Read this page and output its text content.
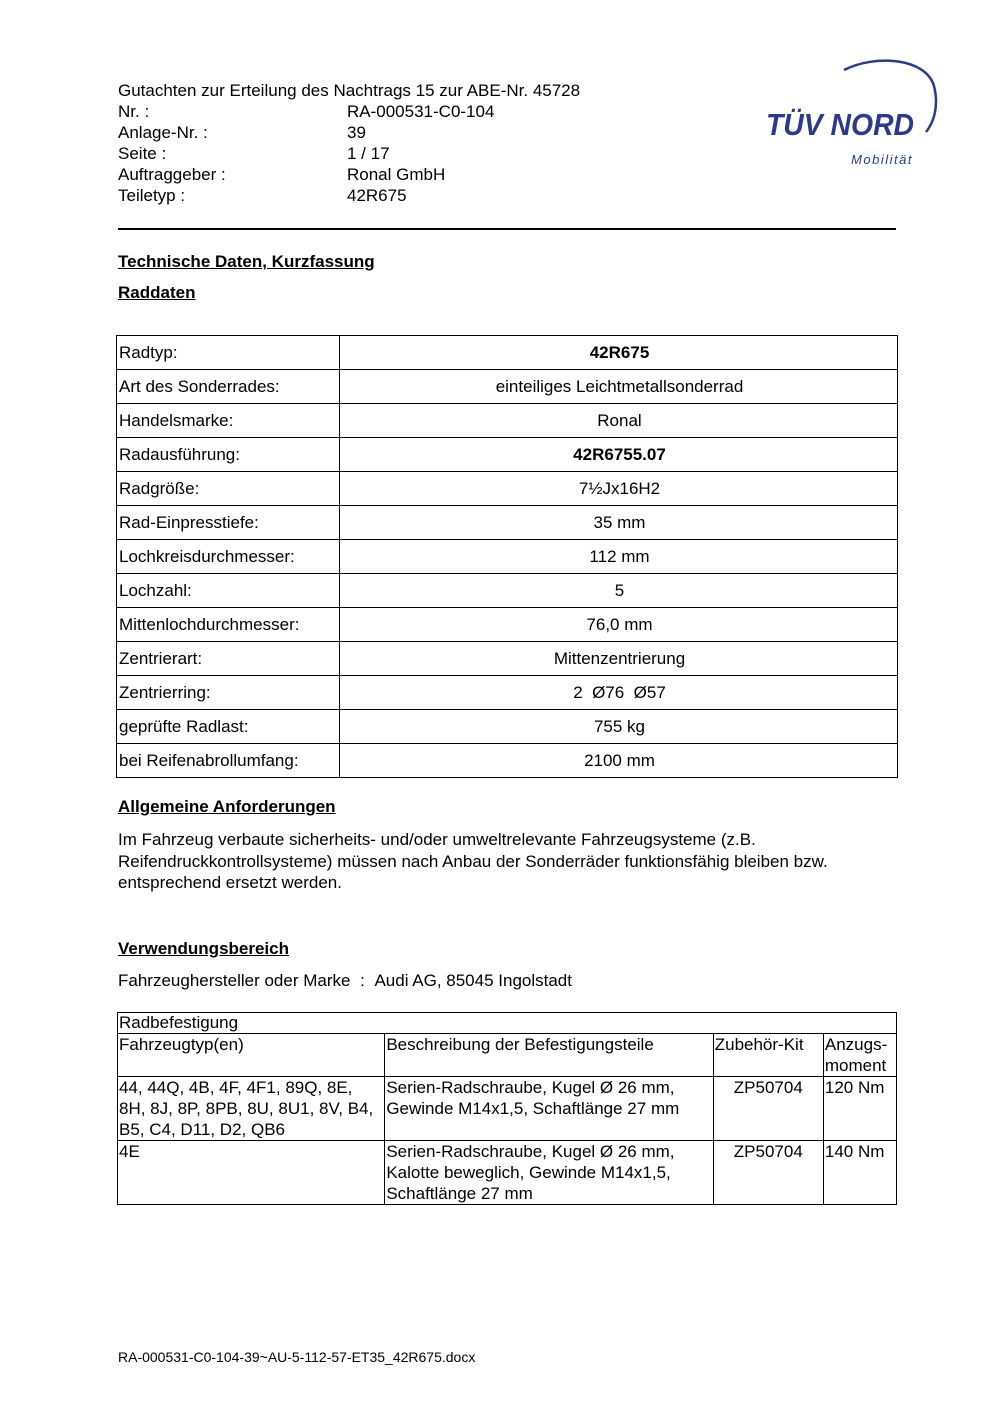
Gutachten zur Erteilung des Nachtrags 15 zur ABE-Nr. 45728
Nr. :	RA-000531-C0-104
Anlage-Nr. :	39
Seite :	1 / 17
Auftraggeber :	Ronal GmbH
Teiletyp :	42R675
TÜV NORD
Mobilität
Technische Daten, Kurzfassung
Raddaten
Radtyp:	42R675
Art des Sonderrades:	einteiliges Leichtmetallsonderrad
Handelsmarke:	Ronal
Radausführung:	42R6755.07
Radgröße:	7½Jx16H2
Rad-Einpresstiefe:	35 mm
Lochkreisdurchmesser:	112 mm
Lochzahl:	5
Mittenlochdurchmesser:	76,0 mm
Zentrierart:	Mittenzentrierung
Zentrierring:	2  Ø76  Ø57
geprüfte Radlast:	755 kg
bei Reifenabrollumfang:	2100 mm
Allgemeine Anforderungen
Im Fahrzeug verbaute sicherheits- und/oder umweltrelevante Fahrzeugsysteme (z.B. Reifendruckkontrollsysteme) müssen nach Anbau der Sonderräder funktionsfähig bleiben bzw. entsprechend ersetzt werden.
Verwendungsbereich
Fahrzeughersteller oder Marke : Audi AG, 85045 Ingolstadt
Radbefestigung			
Fahrzeugtyp(en)	Beschreibung der Befestigungsteile	Zubehör-Kit	Anzugs-moment
44, 44Q, 4B, 4F, 4F1, 89Q, 8E, 8H, 8J, 8P, 8PB, 8U, 8U1, 8V, B4, B5, C4, D11, D2, QB6	Serien-Radschraube, Kugel Ø 26 mm, Gewinde M14x1,5, Schaftlänge 27 mm	ZP50704	120 Nm
4E	Serien-Radschraube, Kugel Ø 26 mm, Kalotte beweglich, Gewinde M14x1,5, Schaftlänge 27 mm	ZP50704	140 Nm
RA-000531-C0-104-39~AU-5-112-57-ET35_42R675.docx
